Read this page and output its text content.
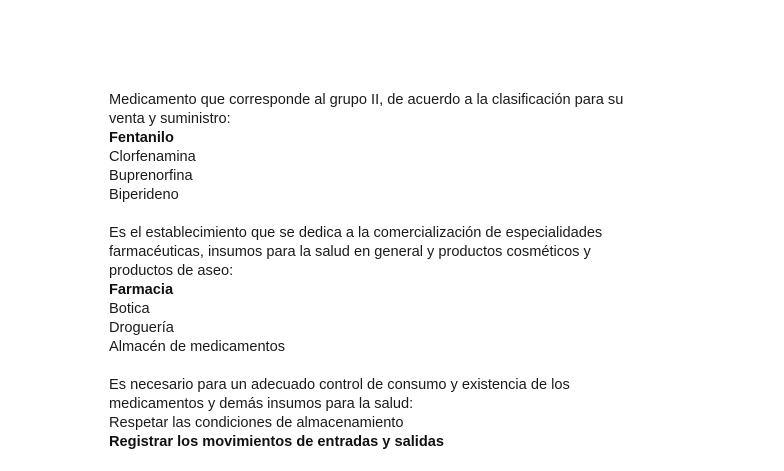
Medicamento que corresponde al grupo II, de acuerdo a la clasificación para su
venta y suministro:
Fentanilo
Clorfenamina
Buprenorfina
Biperideno
Es el establecimiento que se dedica a la comercialización de especialidades
farmacéuticas, insumos para la salud en general y productos cosméticos y
productos de aseo:
Farmacia
Botica
Droguería
Almacén de medicamentos
Es necesario para un adecuado control de consumo y existencia de los
medicamentos y demás insumos para la salud:
Respetar las condiciones de almacenamiento
Registrar los movimientos de entradas y salidas
